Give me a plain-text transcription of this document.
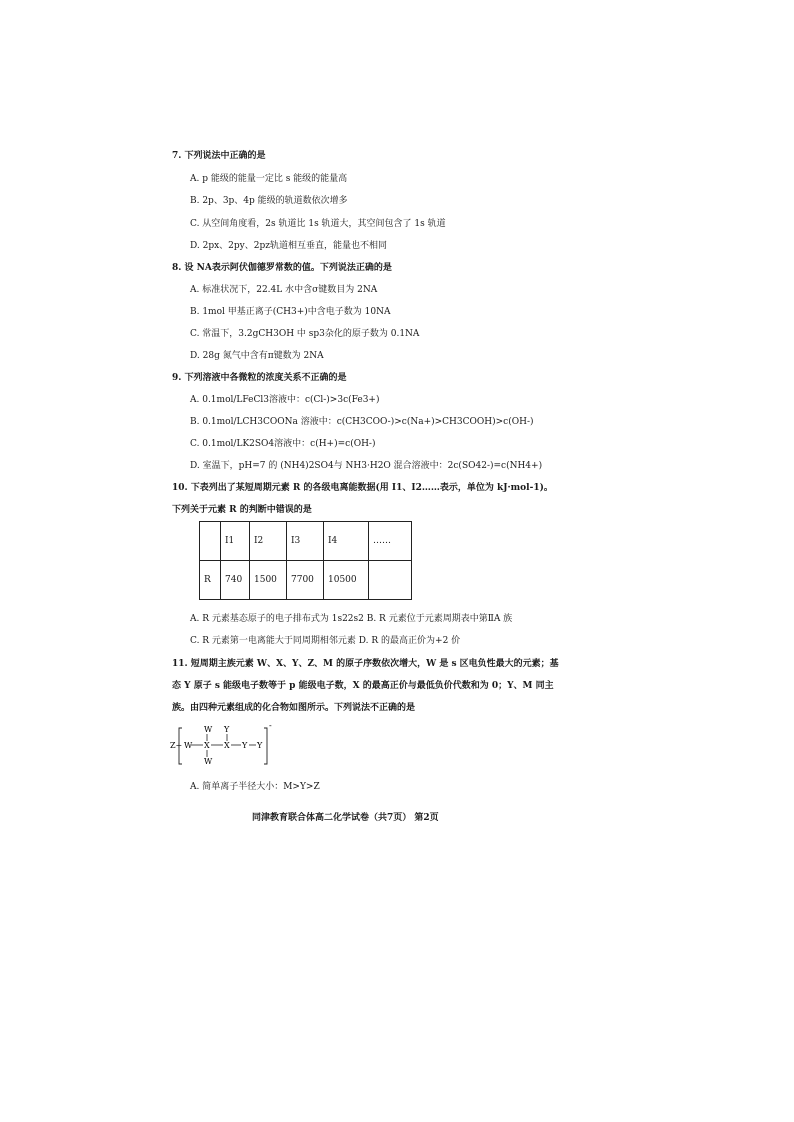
7. 下列说法中正确的是
A. p 能级的能量一定比 s 能级的能量高
B. 2p、3p、4p 能级的轨道数依次增多
C. 从空间角度看，2s 轨道比 1s 轨道大，其空间包含了 1s 轨道
D. 2px、2py、2pz轨道相互垂直，能量也不相同
8. 设 NA表示阿伏伽德罗常数的值。下列说法正确的是
A. 标准状况下，22.4L 水中含σ键数目为 2NA
B. 1mol 甲基正离子(CH3+)中含电子数为 10NA
C. 常温下，3.2gCH3OH 中 sp3杂化的原子数为 0.1NA
D. 28g 氮气中含有π键数为 2NA
9. 下列溶液中各微粒的浓度关系不正确的是
A. 0.1mol/LFeCl3溶液中：c(Cl-)>3c(Fe3+)
B. 0.1mol/LCH3COONa 溶液中：c(CH3COO-)>c(Na+)>CH3COOH)>c(OH-)
C. 0.1mol/LK2SO4溶液中：c(H+)=c(OH-)
D. 室温下，pH=7 的 (NH4)2SO4与 NH3·H2O 混合溶液中：2c(SO42-)=c(NH4+)
10. 下表列出了某短周期元素 R 的各级电离能数据(用 I1、I2……表示，单位为 kJ·mol-1)。
下列关于元素 R 的判断中错误的是
	I1	I2	I3	I4	……
R	740	1500	7700	10500	
A. R 元素基态原子的电子排布式为 1s22s2 B. R 元素位于元素周期表中第ⅡA 族
C. R 元素第一电离能大于同周期相邻元素 D. R 的最高正价为+2 价
11. 短周期主族元素 W、X、Y、Z、M 的原子序数依次增大，W 是 s 区电负性最大的元素；基
态 Y 原子 s 能级电子数等于 p 能级电子数，X 的最高正价与最低负价代数和为 0；Y、M 同主
族。由四种元素组成的化合物如图所示。下列说法不正确的是
Z+
-
W
W
X X
Y
Y Y
W
A. 简单离子半径大小：M>Y>Z
同津教育联合体高二化学试卷（共7页） 第2页
